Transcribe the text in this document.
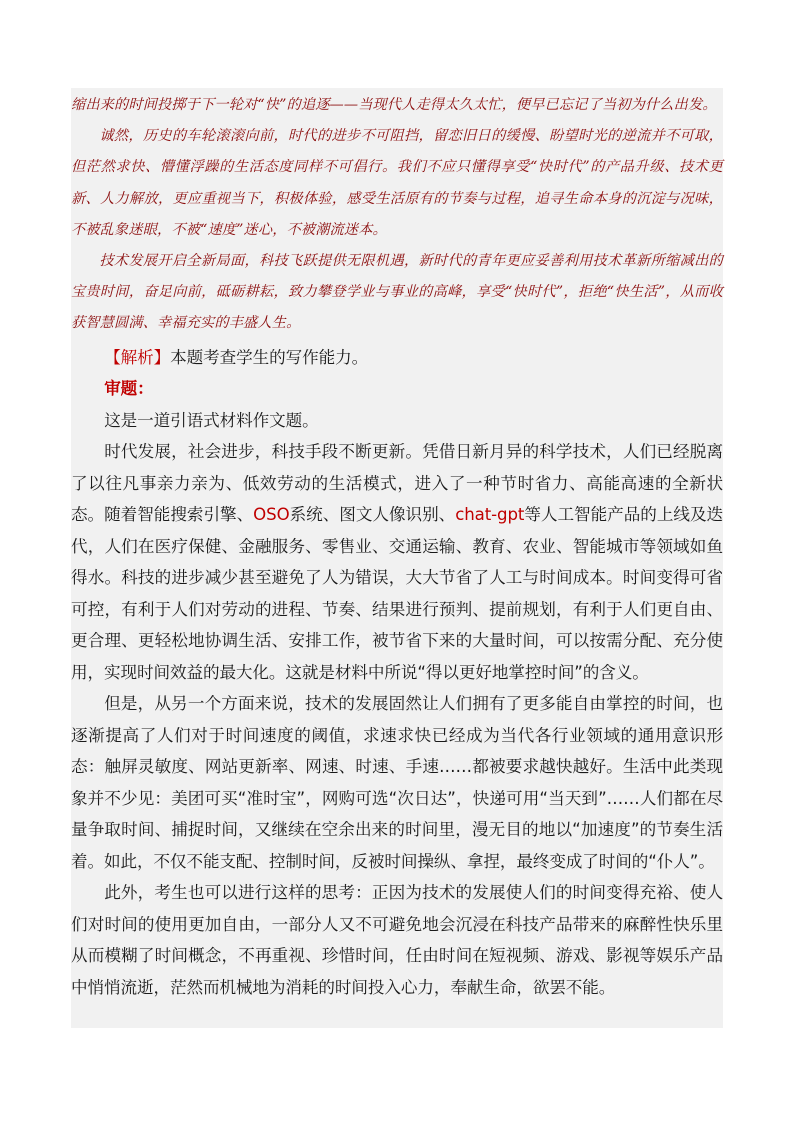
缩出来的时间投掷于下一轮对“快”的追逐——当现代人走得太久太忙，便早已忘记了当初为什么出发。

诚然，历史的车轮滚滚向前，时代的进步不可阻挡，留恋旧日的缓慢、盼望时光的逆流并不可取，但茫然求快、懵懂浮躁的生活态度同样不可倡行。我们不应只懂得享受“快时代”的产品升级、技术更新、人力解放，更应重视当下，积极体验，感受生活原有的节奏与过程，追寻生命本身的沉淀与况味，不被乱象迷眼，不被“速度”迷心，不被潮流迷本。

技术发展开启全新局面，科技飞跃提供无限机遇，新时代的青年更应妥善利用技术革新所缩减出的宝贵时间，奋足向前，砥砺耕耘，致力攀登学业与事业的高峰，享受“快时代”，拒绝“快生活”，从而收获智慧圆满、幸福充实的丰盛人生。

【解析】本题考查学生的写作能力。

审题：

这是一道引语式材料作文题。

时代发展，社会进步，科技手段不断更新。凭借日新月异的科学技术，人们已经脱离了以往凡事亲力亲为、低效劳动的生活模式，进入了一种节时省力、高能高速的全新状态。随着智能搜索引擎、OSO系统、图文人像识别、chat-gpt等人工智能产品的上线及迭代，人们在医疗保健、金融服务、零售业、交通运输、教育、农业、智能城市等领域如鱼得水。科技的进步减少甚至避免了人为错误，大大节省了人工与时间成本。时间变得可省可控，有利于人们对劳动的进程、节奏、结果进行预判、提前规划，有利于人们更自由、更合理、更轻松地协调生活、安排工作，被节省下来的大量时间，可以按需分配、充分使用，实现时间效益的最大化。这就是材料中所说“得以更好地掌控时间”的含义。

但是，从另一个方面来说，技术的发展固然让人们拥有了更多能自由掌控的时间，也逐渐提高了人们对于时间速度的阈值，求速求快已经成为当代各行业领域的通用意识形态：触屏灵敏度、网站更新率、网速、时速、手速……都被要求越快越好。生活中此类现象并不少见：美团可买“准时宝”，网购可选“次日达”，快递可用“当天到”……人们都在尽量争取时间、捕捉时间，又继续在空余出来的时间里，漫无目的地以“加速度”的节奏生活着。如此，不仅不能支配、控制时间，反被时间操纵、拿捏，最终变成了时间的“仆人”。

此外，考生也可以进行这样的思考：正因为技术的发展使人们的时间变得充裕、使人们对时间的使用更加自由，一部分人又不可避免地会沉浸在科技产品带来的麻醉性快乐里从而模糊了时间概念，不再重视、珍惜时间，任由时间在短视频、游戏、影视等娱乐产品中悄悄流逝，茫然而机械地为消耗的时间投入心力，奉献生命，欲罢不能。
